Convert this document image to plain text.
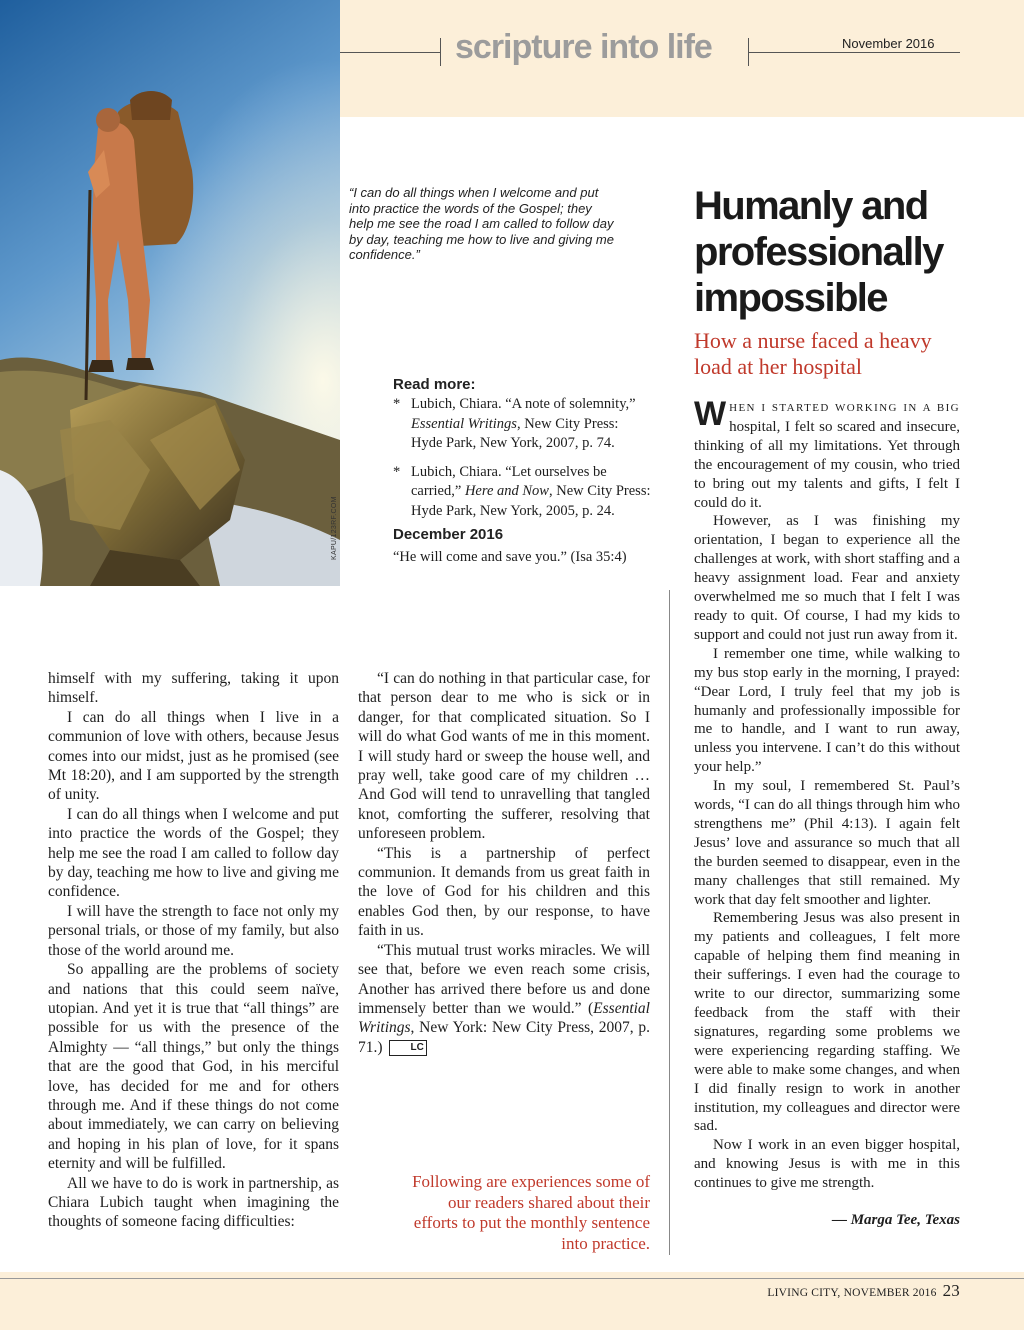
KAPU/123RF.COM
scripture into life	November 2016
“I can do all things when I welcome and put into practice the words of the Gospel; they help me see the road I am called to follow day by day, teaching me how to live and giving me confidence.”
Read more:
* Lubich, Chiara. “A note of solemnity,” Essential Writings, New City Press: Hyde Park, New York, 2007, p. 74.
* Lubich, Chiara. “Let ourselves be carried,” Here and Now, New City Press: Hyde Park, New York, 2005, p. 24.
December 2016

“He will come and save you.” (Isa 35:4)

himself with my suffering, taking it upon himself.

I can do all things when I live in a communion of love with others, because Jesus comes into our midst, just as he promised (see Mt 18:20), and I am supported by the strength of unity.

I can do all things when I welcome and put into practice the words of the Gospel; they help me see the road I am called to follow day by day, teaching me how to live and giving me confidence.

I will have the strength to face not only my personal trials, or those of my family, but also those of the world around me.

So appalling are the problems of society and nations that this could seem naïve, utopian. And yet it is true that “all things” are possible for us with the presence of the Almighty — “all things,” but only the things that are the good that God, in his merciful love, has decided for me and for others through me. And if these things do not come about immediately, we can carry on believing and hoping in his plan of love, for it spans eternity and will be fulfilled.

All we have to do is work in partnership, as Chiara Lubich taught when imagining the thoughts of someone facing difficulties:

“I can do nothing in that particular case, for that person dear to me who is sick or in danger, for that complicated situation. So I will do what God wants of me in this moment. I will study hard or sweep the house well, and pray well, take good care of my children … And God will tend to unravelling that tangled knot, comforting the sufferer, resolving that unforeseen problem.

“This is a partnership of perfect communion. It demands from us great faith in the love of God for his children and this enables God then, by our response, to have faith in us.

“This mutual trust works miracles. We will see that, before we even reach some crisis, Another has arrived there before us and done immensely better than we would.” (Essential Writings, New York: New City Press, 2007, p. 71.)	LC

Following are experiences some of our readers shared about their efforts to put the monthly sentence into practice.
Humanly and professionally impossible
How a nurse faced a heavy load at her hospital

WHEN I STARTED WORKING IN A BIG hospital, I felt so scared and insecure, thinking of all my limitations. Yet through the encouragement of my cousin, who tried to bring out my talents and gifts, I felt I could do it.

However, as I was finishing my orientation, I began to experience all the challenges at work, with short staffing and a heavy assignment load. Fear and anxiety overwhelmed me so much that I felt I was ready to quit. Of course, I had my kids to support and could not just run away from it.

I remember one time, while walking to my bus stop early in the morning, I prayed: “Dear Lord, I truly feel that my job is humanly and professionally impossible for me to handle, and I want to run away, unless you intervene. I can’t do this without your help.”

In my soul, I remembered St. Paul’s words, “I can do all things through him who strengthens me” (Phil 4:13). I again felt Jesus’ love and assurance so much that all the burden seemed to disappear, even in the many challenges that still remained. My work that day felt smoother and lighter.

Remembering Jesus was also present in my patients and colleagues, I felt more capable of helping them find meaning in their sufferings. I even had the courage to write to our director, summarizing some feedback from the staff with their signatures, regarding some problems we were experiencing regarding staffing. We were able to make some changes, and when I did finally resign to work in another institution, my colleagues and director were sad.

Now I work in an even bigger hospital, and knowing Jesus is with me in this continues to give me strength.

— Marga Tee, Texas

LIVING CITY, NOVEMBER 2016 23
